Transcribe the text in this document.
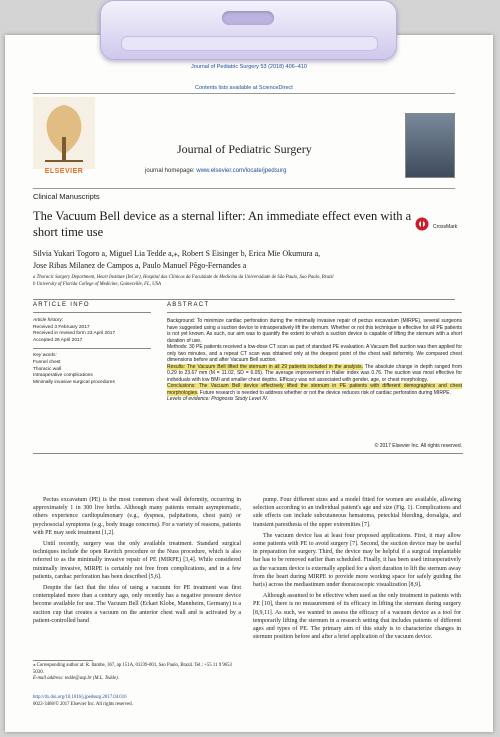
Journal of Pediatric Surgery 53 (2018) 406–410
Contents lists available at ScienceDirect
ELSEVIER
Journal of Pediatric Surgery
journal homepage: www.elsevier.com/locate/jpedsurg
Clinical Manuscripts
The Vacuum Bell device as a sternal lifter: An immediate effect even with a short time use	CrossMark
Silvia Yukari Togoro a, Miguel Lia Tedde a,⁎, Robert S Eisinger b, Erica Mie Okumura a,
Jose Ribas Milanez de Campos a, Paulo Manuel Pêgo-Fernandes a
a Thoracic Surgery Department, Heart Institute (InCor), Hospital das Clínicas da Faculdade de Medicina da Universidade de São Paulo, Sao Paulo, Brazil
b University of Florida College of Medicine, Gainesville, FL, USA
ARTICLE INFO	ABSTRACT
Article history:
Received 3 February 2017
Received in revised form 23 April 2017
Accepted 26 April 2017
Key words:
Funnel chest
Thoracic wall
Intraoperative complications
Minimally invasive surgical procedures
Background: To minimize cardiac perforation during the minimally invasive repair of pectus excavatum (MIRPE), several surgeons have suggested using a suction device to intraoperatively lift the sternum. Whether or not this technique is effective for all PE patients is not yet known. As such, our aim was to quantify the extent to which a suction device is capable of lifting the sternum with a short duration of use.
Methods: 30 PE patients received a low-dose CT scan as part of standard PE evaluation. A Vacuum Bell suction was then applied for only two minutes, and a repeat CT scan was obtained only at the deepest point of the chest wall deformity. We compared chest dimensions before and after Vacuum Bell suction.
Results: The Vacuum Bell lifted the sternum in all 29 patients included in the analysis. The absolute change in depth ranged from 0.29 to 23.67 mm (M = 11.02, SD = 6.05). The average improvement in Haller index was 0.76. The suction was most effective for individuals with low BMI and smaller chest depths. Efficacy was not associated with gender, age, or chest morphology.
Conclusions: The Vacuum Bell device effectively lifted the sternum in PE patients with different demographics and chest morphologies. Future research is needed to address whether or not the device reduces risk of cardiac perforation during MIRPE.
Levels of evidence: Prognosis Study Level IV.
© 2017 Elsevier Inc. All rights reserved.

Pectus excavatum (PE) is the most common chest wall deformity, occurring in approximately 1 in 300 live births. Although many patients remain asymptomatic, others experience cardiopulmonary (e.g., dyspnea, palpitations, chest pain) or psychosocial symptoms (e.g., body image concerns). For a variety of reasons, patients with PE may seek treatment [1,2].

Until recently, surgery was the only available treatment. Standard surgical techniques include the open Ravitch procedure or the Nuss procedure, which is also referred to as the minimally invasive repair of PE (MIRPE) [3,4]. While considered minimally invasive, MIRPE is certainly not free from complications, and in a few patients, cardiac perforation has been described [5,6].

Despite the fact that the idea of using a vacuum for PE treatment was first contemplated more than a century ago, only recently has a negative pressure device become available for use. The Vacuum Bell (Eckart Klobe, Mannheim, Germany) is a suction cup that creates a vacuum on the anterior chest wall and is activated by a patient-controlled hand

pump. Four different sizes and a model fitted for women are available, allowing selection according to an individual patient's age and size (Fig. 1). Complications and side effects can include subcutaneous hematoma, petechial bleeding, dorsalgia, and transient paresthesia of the upper extremities [7].

The vacuum device has at least four proposed applications. First, it may allow some patients with PE to avoid surgery [7]. Second, the suction device may be useful in preparation for surgery. Third, the device may be helpful if a surgical implantable bar has to be removed earlier than scheduled. Finally, it has been used intraoperatively as the vacuum device is externally applied for a short duration to lift the sternum away from the heart during MIRPE to provide more working space for safely guiding the bar(s) across the mediastinum under thoracoscopic visualization [8,9].

Although assumed to be effective when used as the only treatment in patients with PE [10], there is no measurement of its efficacy in lifting the sternum during surgery [8,9,11]. As such, we wanted to assess the efficacy of a vacuum device as a tool for temporarily lifting the sternum in a research setting that includes patients of different ages and types of PE. The primary aim of this study is to characterize changes in sternum position before and after a brief application of the vacuum device.

⁎ Corresponding author at: R. Itambe, 367, ap 151A, 01239-001, Sao Paulo, Brazil. Tel.: +55 11 9 9653 5030.
E-mail address: tedde@usp.br (M.L. Tedde).
http://dx.doi.org/10.1016/j.jpedsurg.2017.04.016
0022-3468/© 2017 Elsevier Inc. All rights reserved.
